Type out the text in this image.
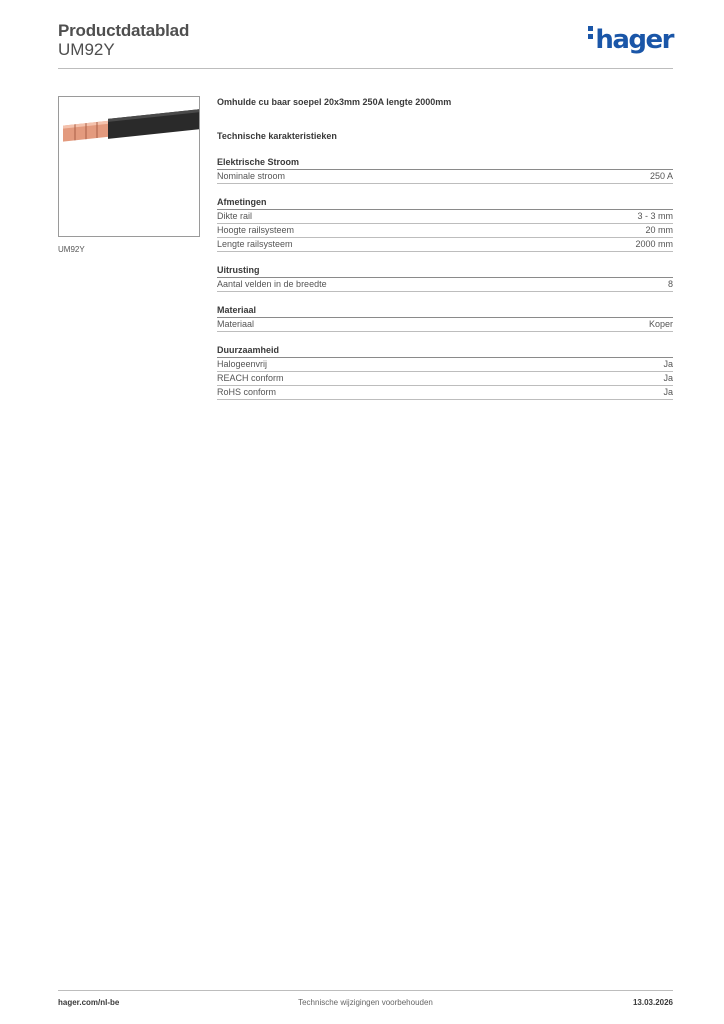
Productdatablad
UM92Y	hager
UM92Y
Omhulde cu baar soepel 20x3mm 250A lengte 2000mm
Technische karakteristieken
Elektrische Stroom
Nominale stroom	250 A
Afmetingen
Dikte rail	3 - 3 mm
Hoogte railsysteem	20 mm
Lengte railsysteem	2000 mm
Uitrusting
Aantal velden in de breedte	8
Materiaal
Materiaal	Koper
Duurzaamheid
Halogeenvrij	Ja
REACH conform	Ja
RoHS conform	Ja
Technische wijzigingen voorbehouden
hager.com/nl-be	13.03.2026
